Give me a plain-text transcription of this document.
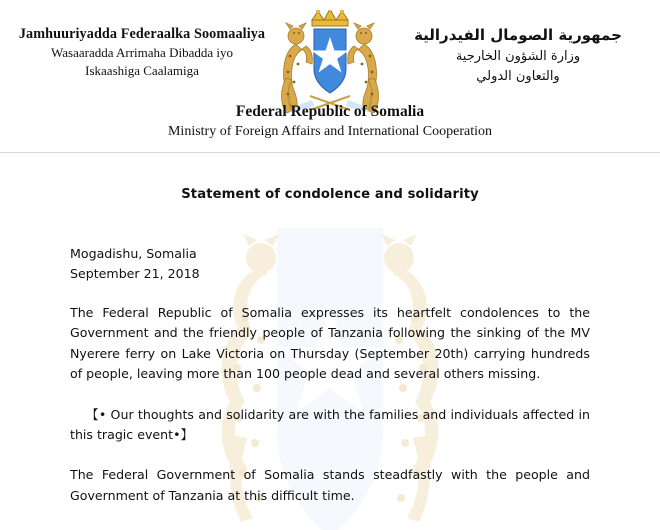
Jamhuuriyadda Federaalka Soomaaliya
Wasaaradda Arrimaha Dibadda iyo
Iskaashiga Caalamiga
جمهورية الصومال الفيدرالية
وزارة الشؤون الخارجية
والتعاون الدولي
Federal Republic of Somalia
Ministry of Foreign Affairs and International Cooperation
Statement of condolence and solidarity
Mogadishu, Somalia
September 21, 2018
The Federal Republic of Somalia expresses its heartfelt condolences to the Government and the friendly people of Tanzania following the sinking of the MV Nyerere ferry on Lake Victoria on Thursday (September 20th) carrying hundreds of people, leaving more than 100 people dead and several others missing.
【• Our thoughts and solidarity are with the families and individuals affected in this tragic event•】
The Federal Government of Somalia stands steadfastly with the people and Government of Tanzania at this difficult time.
